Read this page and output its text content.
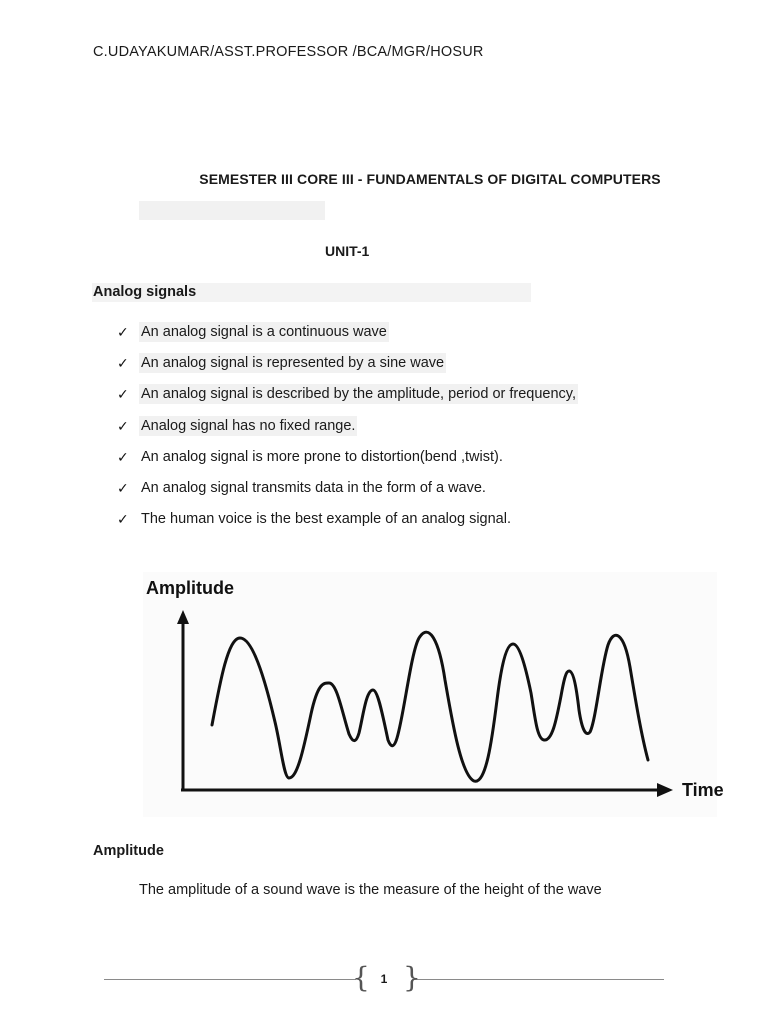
C.UDAYAKUMAR/ASST.PROFESSOR /BCA/MGR/HOSUR
SEMESTER III CORE III - FUNDAMENTALS OF DIGITAL COMPUTERS
UNIT-1
Analog signals
✓ An analog signal is a continuous wave
✓ An analog signal is represented by a sine wave
✓ An analog signal is described by the amplitude, period or frequency,
✓ Analog signal has no fixed range.
✓ An analog signal is more prone to distortion(bend ,twist).
✓ An analog signal transmits data in the form of a wave.
✓ The human voice is the best example of an analog signal.
Amplitude
Time
Amplitude
The amplitude of a sound wave is the measure of the height of the wave
{ 1 }
